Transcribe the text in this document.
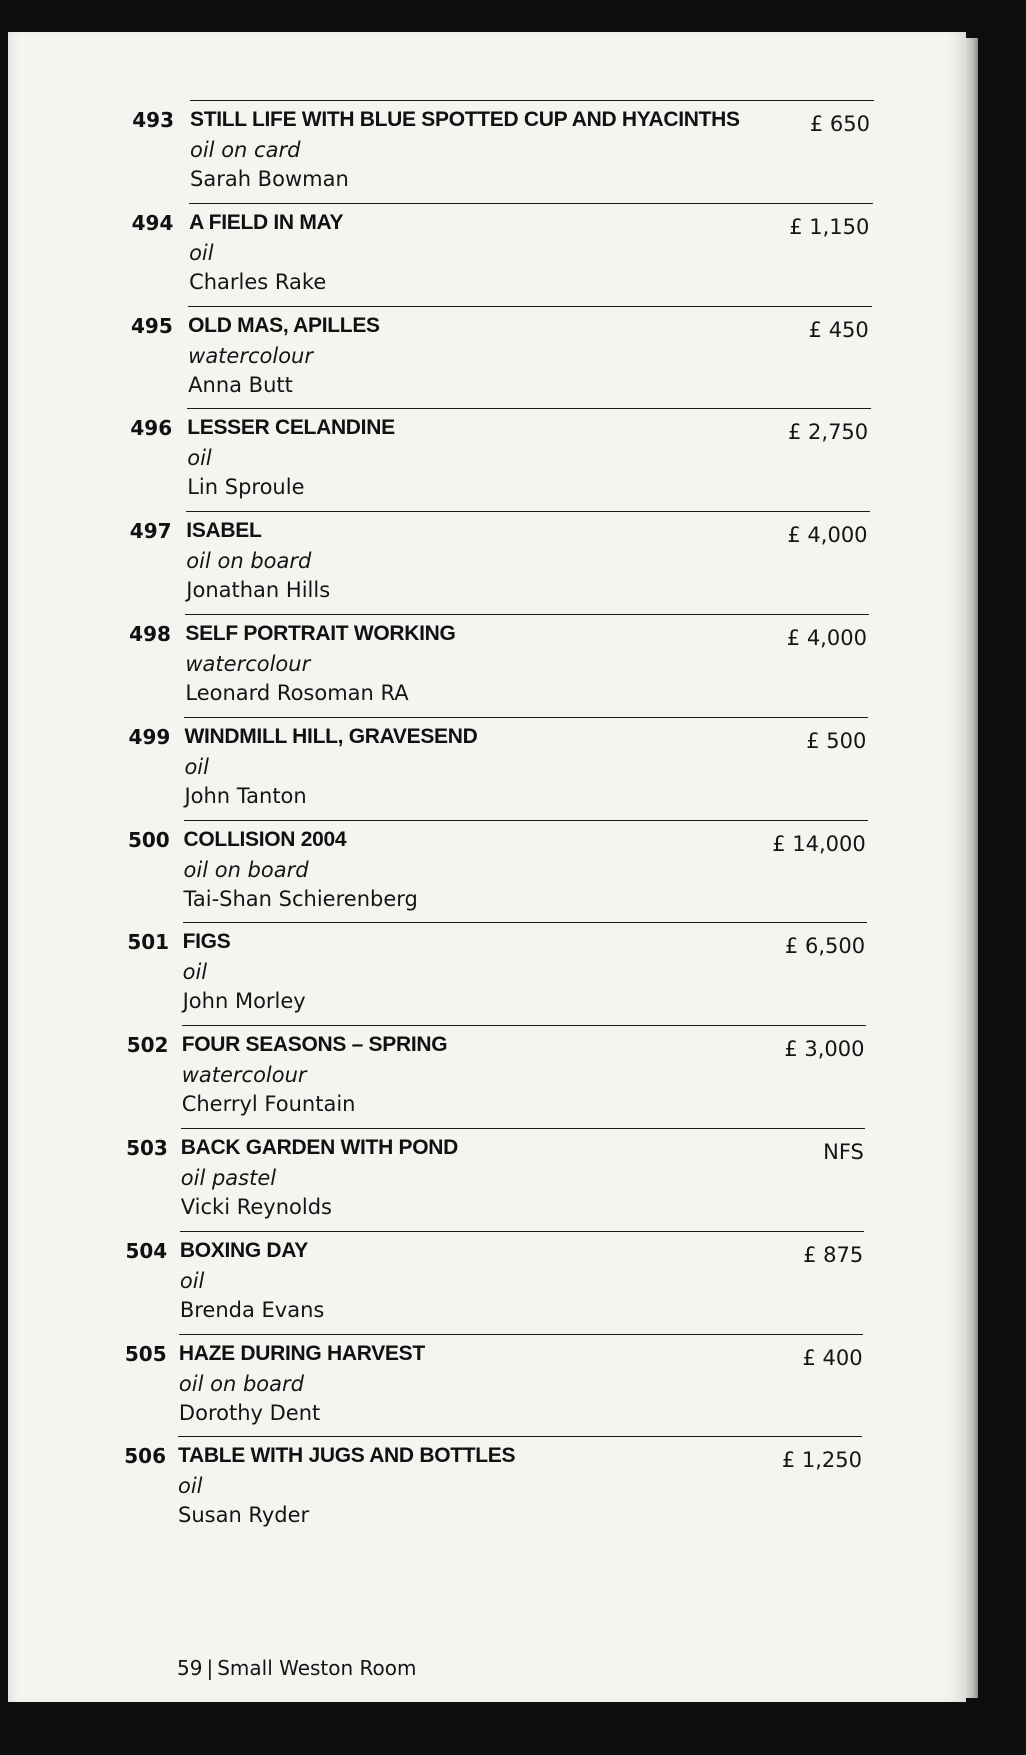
493 STILL LIFE WITH BLUE SPOTTED CUP AND HYACINTHS
oil on card
Sarah Bowman
£ 650
494 A FIELD IN MAY
oil
Charles Rake
£ 1,150
495 OLD MAS, APILLES
watercolour
Anna Butt
£ 450
496 LESSER CELANDINE
oil
Lin Sproule
£ 2,750
497 ISABEL
oil on board
Jonathan Hills
£ 4,000
498 SELF PORTRAIT WORKING
watercolour
Leonard Rosoman RA
£ 4,000
499 WINDMILL HILL, GRAVESEND
oil
John Tanton
£ 500
500 COLLISION 2004
oil on board
Tai-Shan Schierenberg
£ 14,000
501 FIGS
oil
John Morley
£ 6,500
502 FOUR SEASONS – SPRING
watercolour
Cherryl Fountain
£ 3,000
503 BACK GARDEN WITH POND
oil pastel
Vicki Reynolds
NFS
504 BOXING DAY
oil
Brenda Evans
£ 875
505 HAZE DURING HARVEST
oil on board
Dorothy Dent
£ 400
506 TABLE WITH JUGS AND BOTTLES
oil
Susan Ryder
£ 1,250
59 | Small Weston Room
